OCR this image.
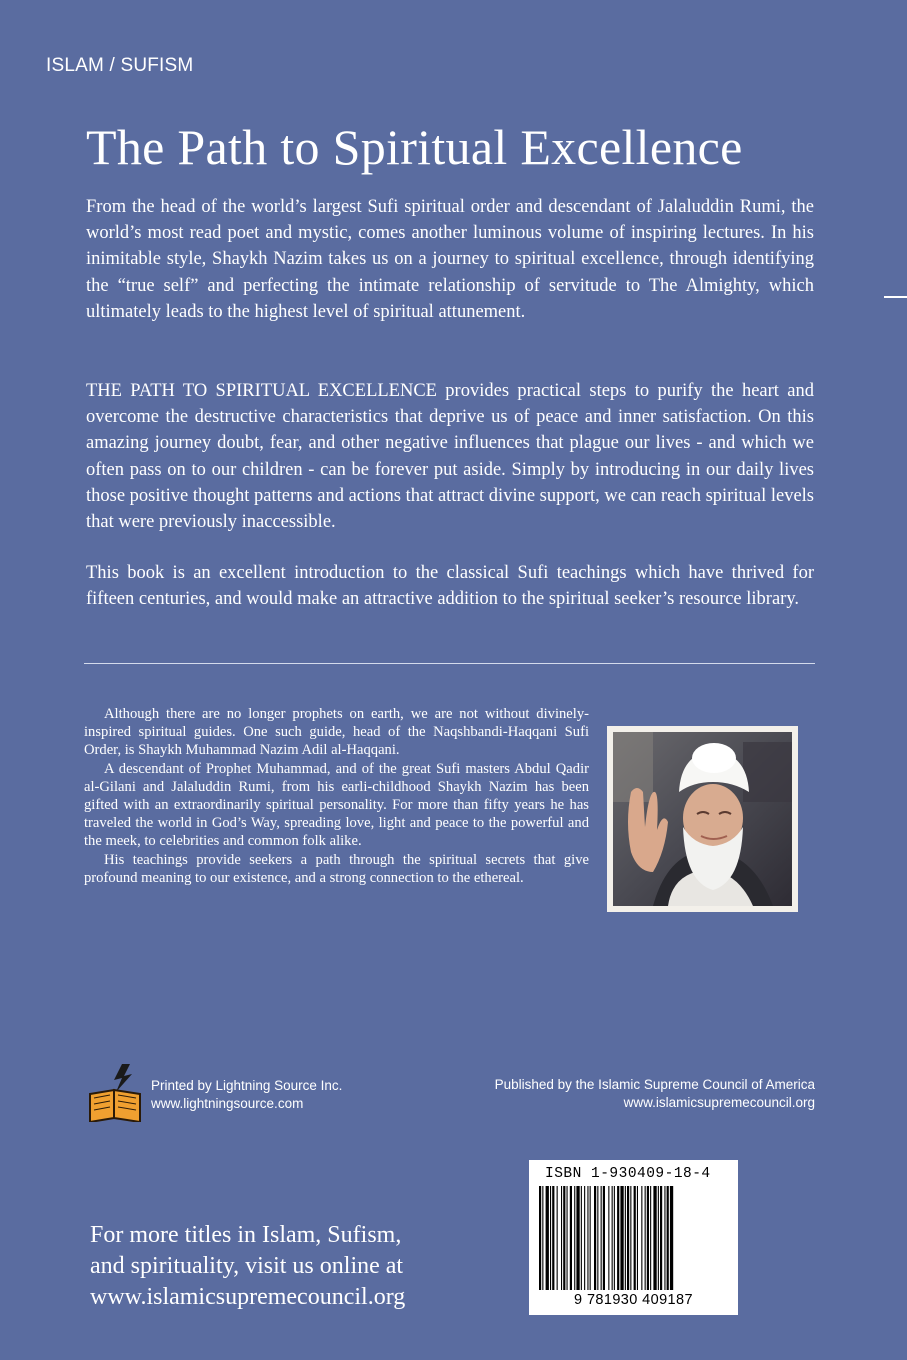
ISLAM / SUFISM
The Path to Spiritual Excellence

From the head of the world’s largest Sufi spiritual order and descendant of Jalaluddin Rumi, the world’s most read poet and mystic, comes another luminous volume of inspiring lectures. In his inimitable style, Shaykh Nazim takes us on a journey to spiritual excellence, through identifying the “true self” and perfecting the intimate relationship of servitude to The Almighty, which ultimately leads to the highest level of spiritual attunement.

THE PATH TO SPIRITUAL EXCELLENCE provides practical steps to purify the heart and overcome the destructive characteristics that deprive us of peace and inner satisfaction. On this amazing journey doubt, fear, and other negative influences that plague our lives - and which we often pass on to our children - can be forever put aside. Simply by introducing in our daily lives those positive thought patterns and actions that attract divine support, we can reach spiritual levels that were previously inaccessible.

This book is an excellent introduction to the classical Sufi teachings which have thrived for fifteen centuries, and would make an attractive addition to the spiritual seeker’s resource library.

Although there are no longer prophets on earth, we are not without divinely-inspired spiritual guides. One such guide, head of the Naqshbandi-Haqqani Sufi Order, is Shaykh Muhammad Nazim Adil al-Haqqani.

A descendant of Prophet Muhammad, and of the great Sufi masters Abdul Qadir al-Gilani and Jalaluddin Rumi, from his earli-childhood Shaykh Nazim has been gifted with an extraordinarily spiritual personality. For more than fifty years he has traveled the world in God’s Way, spreading love, light and peace to the powerful and the meek, to celebrities and common folk alike.

His teachings provide seekers a path through the spiritual secrets that give profound meaning to our existence, and a strong connection to the ethereal.

Printed by Lightning Source Inc.
www.lightningsource.com
Published by the Islamic Supreme Council of America
www.islamicsupremecouncil.org
ISBN 1-930409-18-4
9 781930 409187
For more titles in Islam, Sufism,
and spirituality, visit us online at
www.islamicsupremecouncil.org
